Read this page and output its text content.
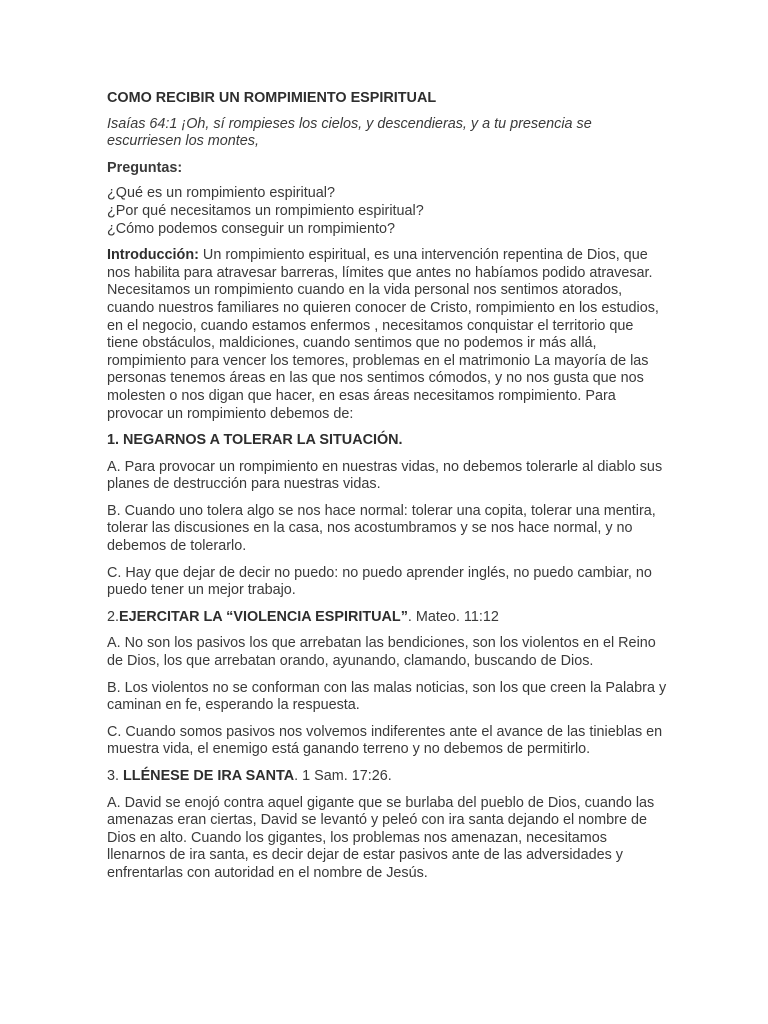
COMO RECIBIR UN ROMPIMIENTO ESPIRITUAL
Isaías 64:1 ¡Oh, sí rompieses los cielos, y descendieras, y a tu presencia se escurriesen los montes,
Preguntas:
¿Qué es un rompimiento espiritual?
¿Por qué necesitamos un rompimiento espiritual?
¿Cómo podemos conseguir un rompimiento?

Introducción: Un rompimiento espiritual, es una intervención repentina de Dios, que nos habilita para atravesar barreras, límites que antes no habíamos podido atravesar. Necesitamos un rompimiento cuando en la vida personal nos sentimos atorados, cuando nuestros familiares no quieren conocer de Cristo, rompimiento en los estudios, en el negocio, cuando estamos enfermos , necesitamos conquistar el territorio que tiene obstáculos, maldiciones, cuando sentimos que no podemos ir más allá, rompimiento para vencer los temores, problemas en el matrimonio La mayoría de las personas tenemos áreas en las que nos sentimos cómodos, y no nos gusta que nos molesten o nos digan que hacer, en esas áreas necesitamos rompimiento. Para provocar un rompimiento debemos de:

1. NEGARNOS A TOLERAR LA SITUACIÓN.

A. Para provocar un rompimiento en nuestras vidas, no debemos tolerarle al diablo sus planes de destrucción para nuestras vidas.

B. Cuando uno tolera algo se nos hace normal: tolerar una copita, tolerar una mentira, tolerar las discusiones en la casa, nos acostumbramos y se nos hace normal, y no debemos de tolerarlo.

C. Hay que dejar de decir no puedo: no puedo aprender inglés, no puedo cambiar, no puedo tener un mejor trabajo.

2.EJERCITAR LA “VIOLENCIA ESPIRITUAL”. Mateo. 11:12

A. No son los pasivos los que arrebatan las bendiciones, son los violentos en el Reino de Dios, los que arrebatan orando, ayunando, clamando, buscando de Dios.

B. Los violentos no se conforman con las malas noticias, son los que creen la Palabra y caminan en fe, esperando la respuesta.

C. Cuando somos pasivos nos volvemos indiferentes ante el avance de las tinieblas en muestra vida, el enemigo está ganando terreno y no debemos de permitirlo.

3. LLÉNESE DE IRA SANTA. 1 Sam. 17:26.

A. David se enojó contra aquel gigante que se burlaba del pueblo de Dios, cuando las amenazas eran ciertas, David se levantó y peleó con ira santa dejando el nombre de Dios en alto. Cuando los gigantes, los problemas nos amenazan, necesitamos llenarnos de ira santa, es decir dejar de estar pasivos ante de las adversidades y enfrentarlas con autoridad en el nombre de Jesús.
